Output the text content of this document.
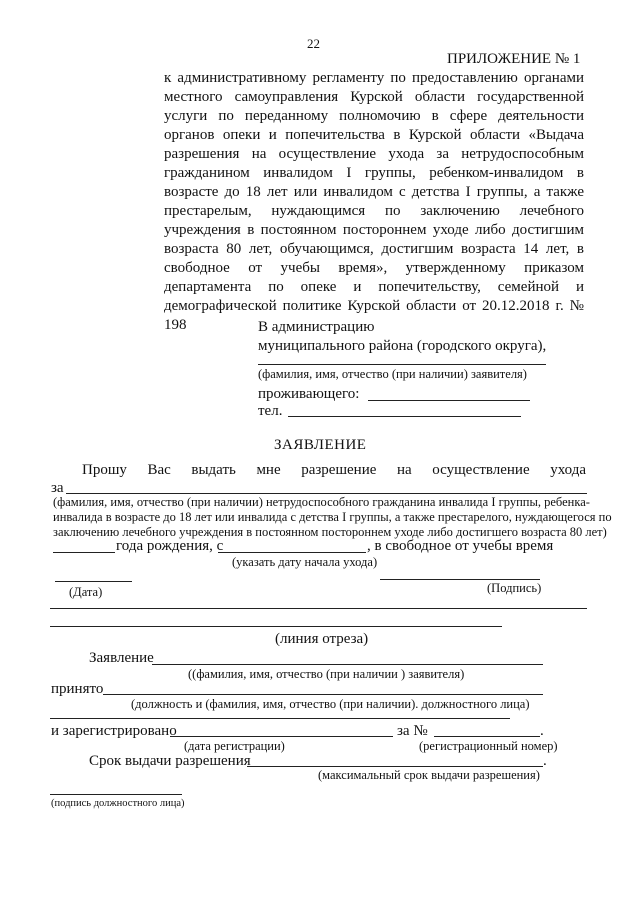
22
ПРИЛОЖЕНИЕ № 1
к административному регламенту по предоставлению органами
местного самоуправления Курской области государственной
услуги по переданному полномочию в сфере деятельности
органов опеки и попечительства в Курской области «Выдача
разрешения на осуществление ухода за нетрудоспособным
гражданином инвалидом I группы, ребенком-инвалидом в
возрасте до 18 лет или инвалидом с детства I группы, а также
престарелым, нуждающимся по заключению лечебного
учреждения в постоянном постороннем уходе либо достигшим
возраста 80 лет, обучающимся, достигшим возраста 14 лет, в
свободное от учебы время», утвержденному приказом
департамента по опеке и попечительству, семейной и
демографической политике Курской области от 20.12.2018 г. №
198	В администрацию
муниципального района (городского округа),
(фамилия, имя, отчество (при наличии) заявителя)
проживающего:
тел.
ЗАЯВЛЕНИЕ
Прошу Вас выдать мне разрешение на осуществление ухода
за
(фамилия, имя, отчество (при наличии) нетрудоспособного гражданина инвалида I группы, ребенка-
инвалида в возрасте до 18 лет или инвалида с детства I группы, а также престарелого, нуждающегося по
заключению лечебного учреждения в постоянном постороннем уходе либо достигшего возраста 80 лет)
года рождения, с	, в свободное от учебы время
(указать дату начала ухода)
(Дата)	(Подпись)
(линия отреза)
Заявление
((фамилия, имя, отчество (при наличии ) заявителя)
принято
(должность и (фамилия, имя, отчество (при наличии). должностного лица)
и зарегистрировано	за №	.
(дата регистрации)	(регистрационный номер)
Срок выдачи разрешения	.
(максимальный срок выдачи разрешения)
(подпись должностного лица)
